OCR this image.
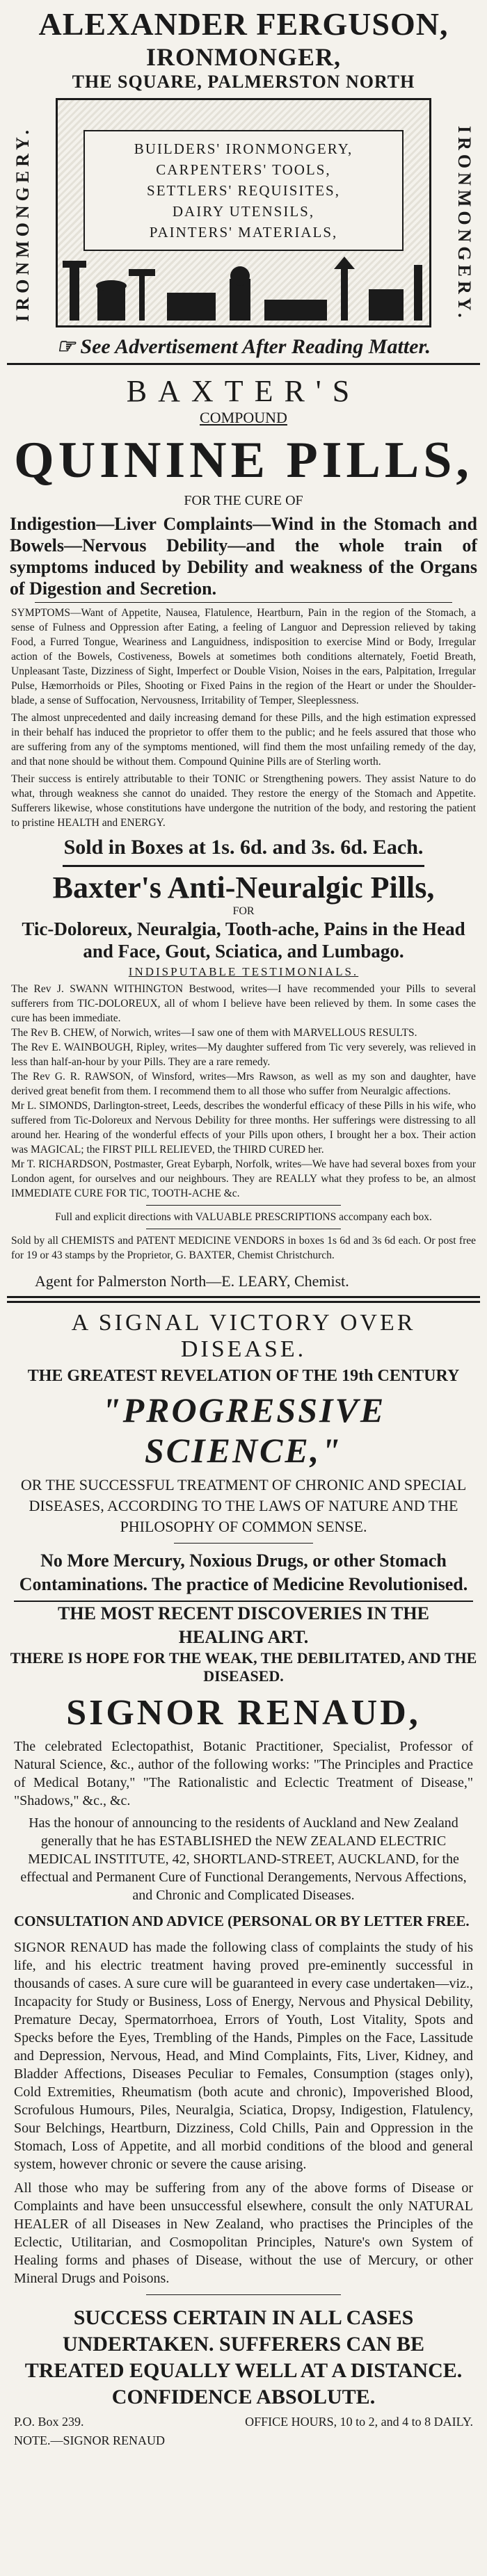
ALEXANDER FERGUSON,
IRONMONGER,
THE SQUARE, PALMERSTON NORTH
IRONMONGERY.	IRONMONGERY.
BUILDERS' IRONMONGERY,
CARPENTERS' TOOLS,
SETTLERS' REQUISITES,
DAIRY UTENSILS,
PAINTERS' MATERIALS,
☞ See Advertisement After Reading Matter.
BAXTER'S
COMPOUND
QUININE PILLS,
FOR THE CURE OF

Indigestion—Liver Complaints—Wind in the Stomach and Bowels—Nervous Debility—and the whole train of symptoms induced by Debility and weakness of the Organs of Digestion and Secretion.

SYMPTOMS—Want of Appetite, Nausea, Flatulence, Heartburn, Pain in the region of the Stomach, a sense of Fulness and Oppression after Eating, a feeling of Languor and Depression relieved by taking Food, a Furred Tongue, Weariness and Languidness, indisposition to exercise Mind or Body, Irregular action of the Bowels, Costiveness, Bowels at sometimes both conditions alternately, Foetid Breath, Unpleasant Taste, Dizziness of Sight, Imperfect or Double Vision, Noises in the ears, Palpitation, Irregular Pulse, Hæmorrhoids or Piles, Shooting or Fixed Pains in the region of the Heart or under the Shoulder-blade, a sense of Suffocation, Nervousness, Irritability of Temper, Sleeplessness.

The almost unprecedented and daily increasing demand for these Pills, and the high estimation expressed in their behalf has induced the proprietor to offer them to the public; and he feels assured that those who are suffering from any of the symptoms mentioned, will find them the most unfailing remedy of the day, and that none should be without them. Compound Quinine Pills are of Sterling worth.

Their success is entirely attributable to their TONIC or Strengthening powers. They assist Nature to do what, through weakness she cannot do unaided. They restore the energy of the Stomach and Appetite. Sufferers likewise, whose constitutions have undergone the nutrition of the body, and restoring the patient to pristine HEALTH and ENERGY.

Sold in Boxes at 1s. 6d. and 3s. 6d. Each.
Baxter's Anti-Neuralgic Pills,
FOR

Tic-Doloreux, Neuralgia, Tooth-ache, Pains in the Head and Face, Gout, Sciatica, and Lumbago.

INDISPUTABLE TESTIMONIALS.

The Rev J. SWANN WITHINGTON Bestwood, writes—I have recommended your Pills to several sufferers from TIC-DOLOREUX, all of whom I believe have been relieved by them. In some cases the cure has been immediate.

The Rev B. CHEW, of Norwich, writes—I saw one of them with MARVELLOUS RESULTS.

The Rev E. WAINBOUGH, Ripley, writes—My daughter suffered from Tic very severely, was relieved in less than half-an-hour by your Pills. They are a rare remedy.

The Rev G. R. RAWSON, of Winsford, writes—Mrs Rawson, as well as my son and daughter, have derived great benefit from them. I recommend them to all those who suffer from Neuralgic affections.

Mr L. SIMONDS, Darlington-street, Leeds, describes the wonderful efficacy of these Pills in his wife, who suffered from Tic-Doloreux and Nervous Debility for three months. Her sufferings were distressing to all around her. Hearing of the wonderful effects of your Pills upon others, I brought her a box. Their action was MAGICAL; the FIRST PILL RELIEVED, the THIRD CURED her.

Mr T. RICHARDSON, Postmaster, Great Eybarph, Norfolk, writes—We have had several boxes from your London agent, for ourselves and our neighbours. They are REALLY what they profess to be, an almost IMMEDIATE CURE FOR TIC, TOOTH-ACHE &c.

Full and explicit directions with VALUABLE PRESCRIPTIONS accompany each box.

Sold by all CHEMISTS and PATENT MEDICINE VENDORS in boxes 1s 6d and 3s 6d each. Or post free for 19 or 43 stamps by the Proprietor, G. BAXTER, Chemist Christchurch.

Agent for Palmerston North—E. LEARY, Chemist.
A SIGNAL VICTORY OVER DISEASE.
THE GREATEST REVELATION OF THE 19th CENTURY
"PROGRESSIVE SCIENCE,"

OR THE SUCCESSFUL TREATMENT OF CHRONIC AND SPECIAL DISEASES, ACCORDING TO THE LAWS OF NATURE AND THE PHILOSOPHY OF COMMON SENSE.

No More Mercury, Noxious Drugs, or other Stomach Contaminations. The practice of Medicine Revolutionised.

THE MOST RECENT DISCOVERIES IN THE HEALING ART.

THERE IS HOPE FOR THE WEAK, THE DEBILITATED, AND THE DISEASED.

SIGNOR RENAUD,

The celebrated Eclectopathist, Botanic Practitioner, Specialist, Professor of Natural Science, &c., author of the following works: "The Principles and Practice of Medical Botany," "The Rationalistic and Eclectic Treatment of Disease," "Shadows," &c., &c.

Has the honour of announcing to the residents of Auckland and New Zealand generally that he has ESTABLISHED the NEW ZEALAND ELECTRIC MEDICAL INSTITUTE, 42, SHORTLAND-STREET, AUCKLAND, for the effectual and Permanent Cure of Functional Derangements, Nervous Affections, and Chronic and Complicated Diseases.

CONSULTATION AND ADVICE (PERSONAL OR BY LETTER FREE.

SIGNOR RENAUD has made the following class of complaints the study of his life, and his electric treatment having proved pre-eminently successful in thousands of cases. A sure cure will be guaranteed in every case undertaken—viz., Incapacity for Study or Business, Loss of Energy, Nervous and Physical Debility, Premature Decay, Spermatorrhoea, Errors of Youth, Lost Vitality, Spots and Specks before the Eyes, Trembling of the Hands, Pimples on the Face, Lassitude and Depression, Nervous, Head, and Mind Complaints, Fits, Liver, Kidney, and Bladder Affections, Diseases Peculiar to Females, Consumption (stages only), Cold Extremities, Rheumatism (both acute and chronic), Impoverished Blood, Scrofulous Humours, Piles, Neuralgia, Sciatica, Dropsy, Indigestion, Flatulency, Sour Belchings, Heartburn, Dizziness, Cold Chills, Pain and Oppression in the Stomach, Loss of Appetite, and all morbid conditions of the blood and general system, however chronic or severe the cause arising.

All those who may be suffering from any of the above forms of Disease or Complaints and have been unsuccessful elsewhere, consult the only NATURAL HEALER of all Diseases in New Zealand, who practises the Principles of the Eclectic, Utilitarian, and Cosmopolitan Principles, Nature's own System of Healing forms and phases of Disease, without the use of Mercury, or other Mineral Drugs and Poisons.

SUCCESS CERTAIN IN ALL CASES UNDERTAKEN. SUFFERERS CAN BE TREATED EQUALLY WELL AT A DISTANCE. CONFIDENCE ABSOLUTE.

P.O. Box 239.	OFFICE HOURS, 10 to 2, and 4 to 8 DAILY.
NOTE.—SIGNOR RENAUD
